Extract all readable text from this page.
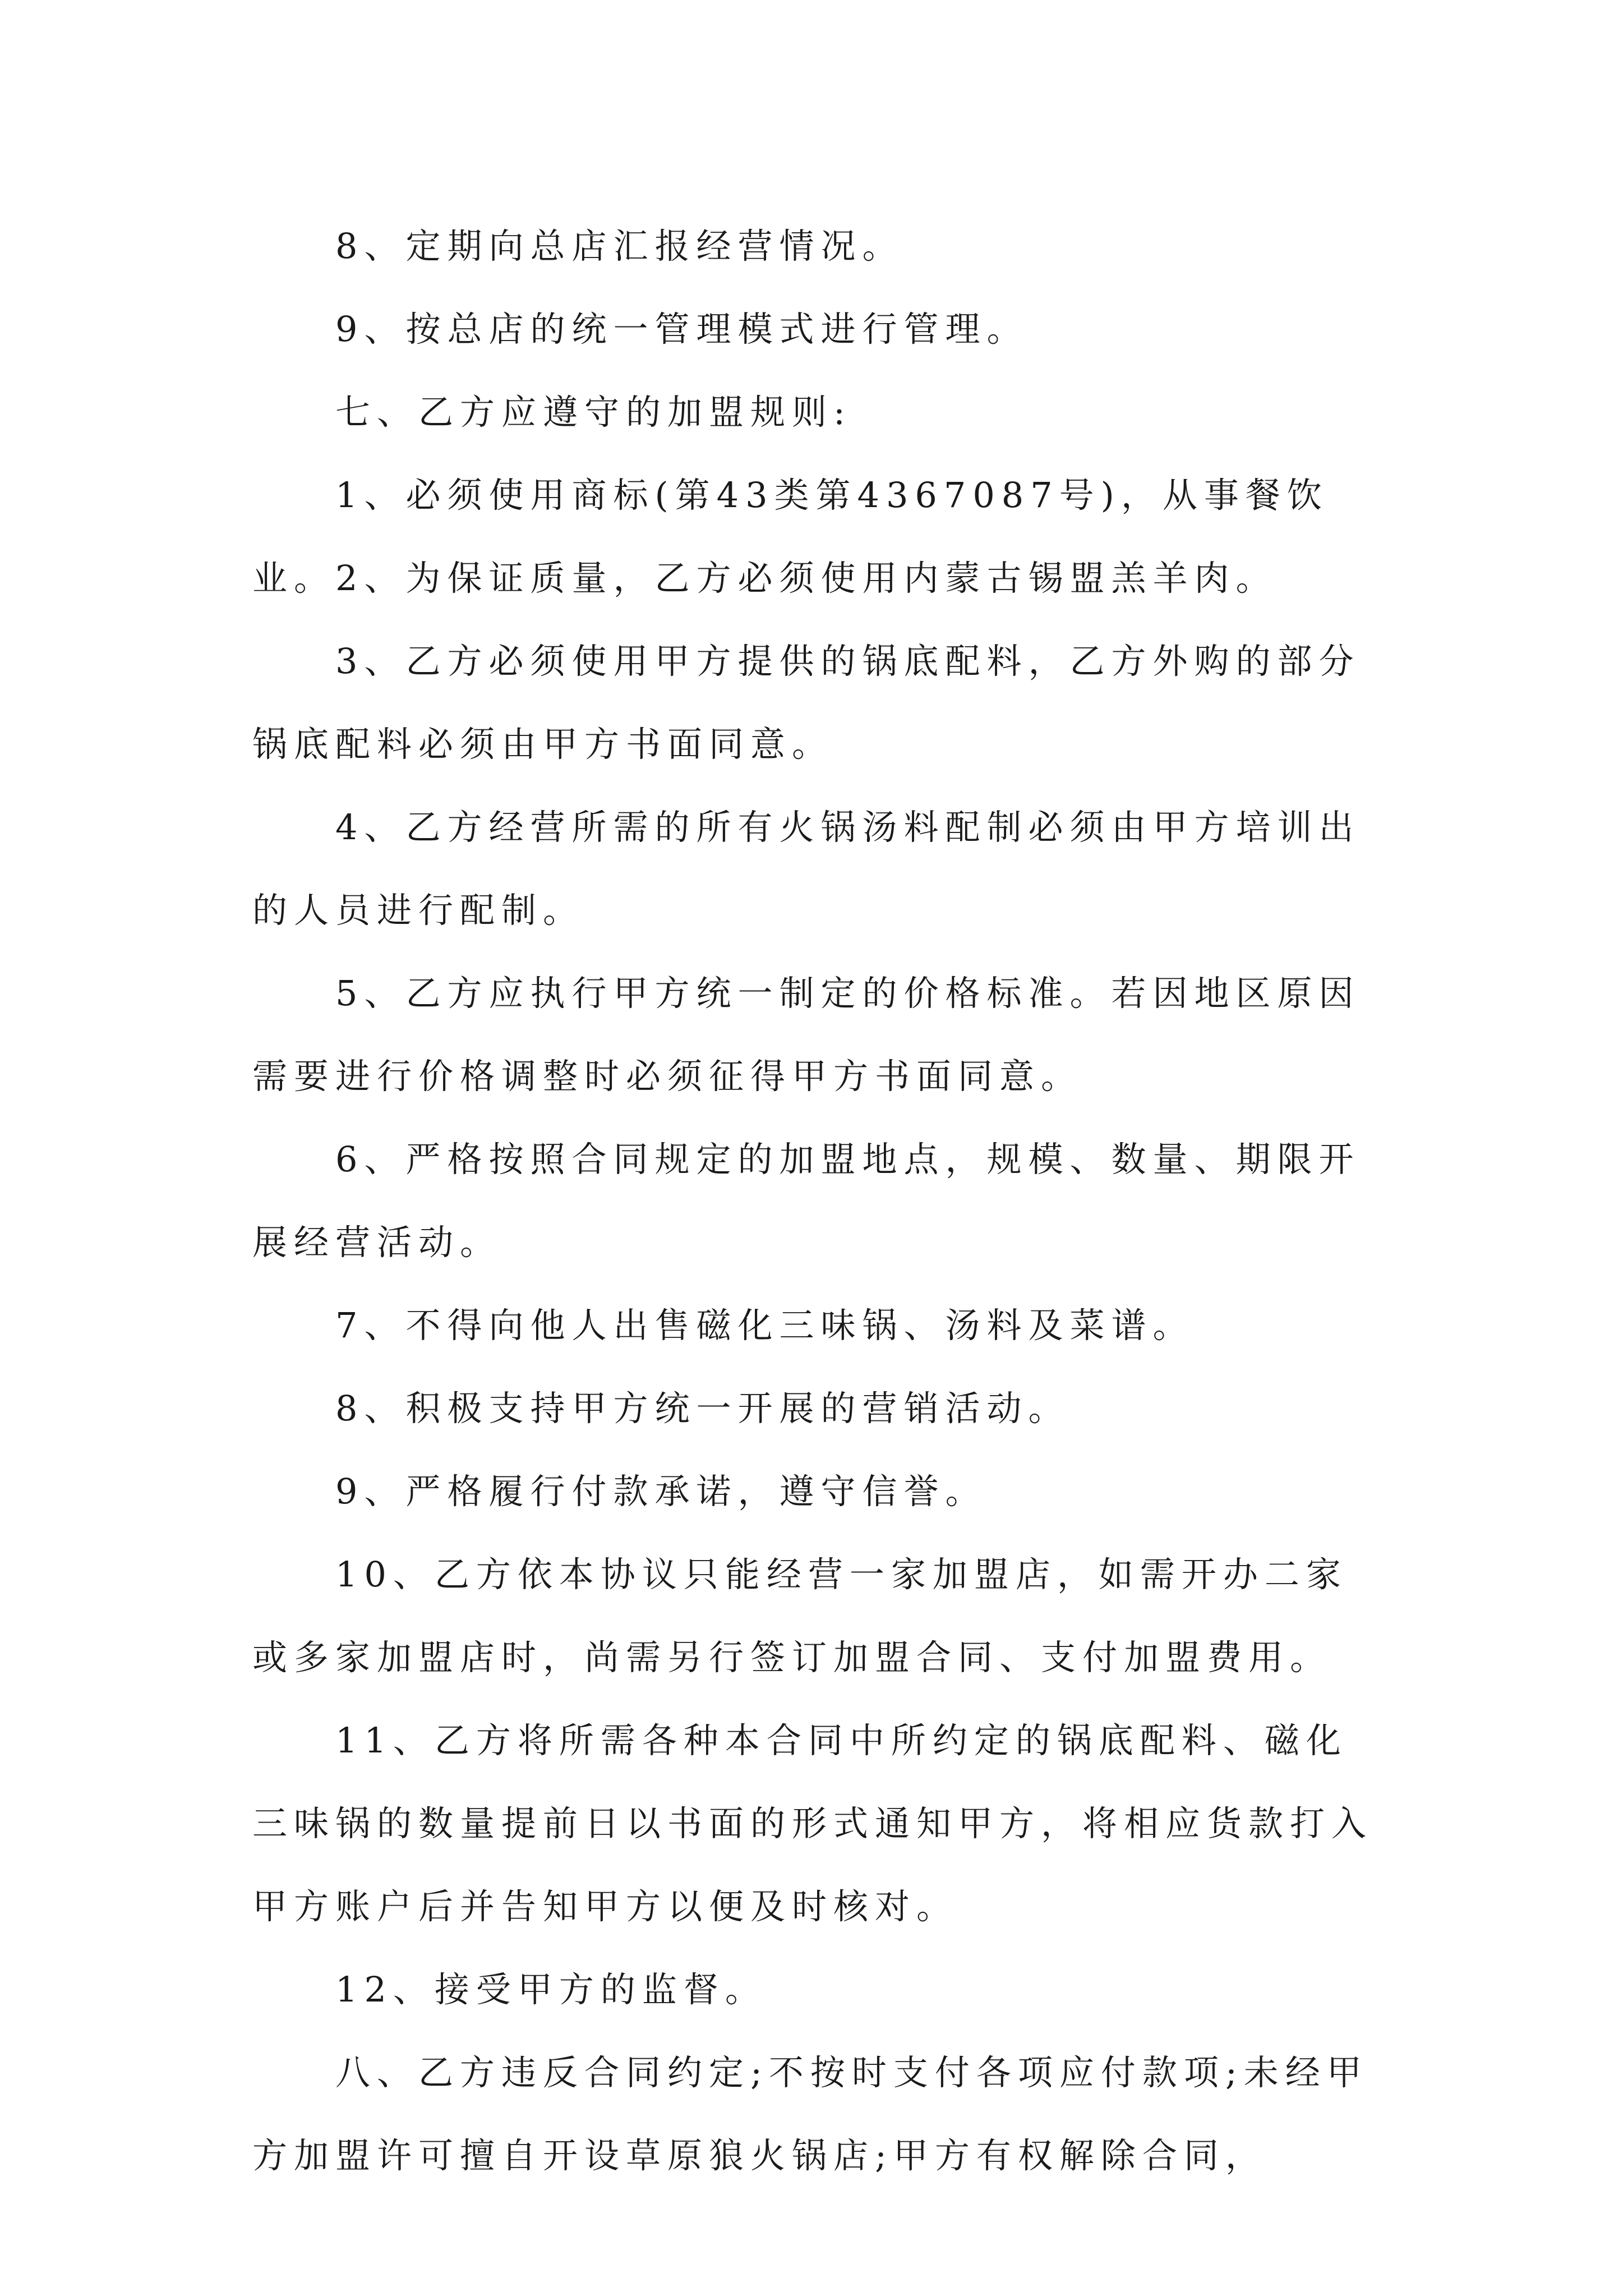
8、定期向总店汇报经营情况。

9、按总店的统一管理模式进行管理。

七、乙方应遵守的加盟规则:

1、必须使用商标(第43类第4367087号)，从事餐饮业。 2、为保证质量，乙方必须使用内蒙古锡盟羔羊肉。

3、乙方必须使用甲方提供的锅底配料，乙方外购的部分锅底配料必须由甲方书面同意。

4、乙方经营所需的所有火锅汤料配制必须由甲方培训出的人员进行配制。

5、乙方应执行甲方统一制定的价格标准。若因地区原因需要进行价格调整时必须征得甲方书面同意。

6、严格按照合同规定的加盟地点，规模、数量、期限开展经营活动。

7、不得向他人出售磁化三味锅、汤料及菜谱。

8、积极支持甲方统一开展的营销活动。

9、严格履行付款承诺，遵守信誉。

10、乙方依本协议只能经营一家加盟店，如需开办二家或多家加盟店时，尚需另行签订加盟合同、支付加盟费用。

11、乙方将所需各种本合同中所约定的锅底配料、磁化三味锅的数量提前日以书面的形式通知甲方，将相应货款打入甲方账户后并告知甲方以便及时核对。

12、接受甲方的监督。

八、乙方违反合同约定;不按时支付各项应付款项;未经甲方加盟许可擅自开设草原狼火锅店;甲方有权解除合同，
